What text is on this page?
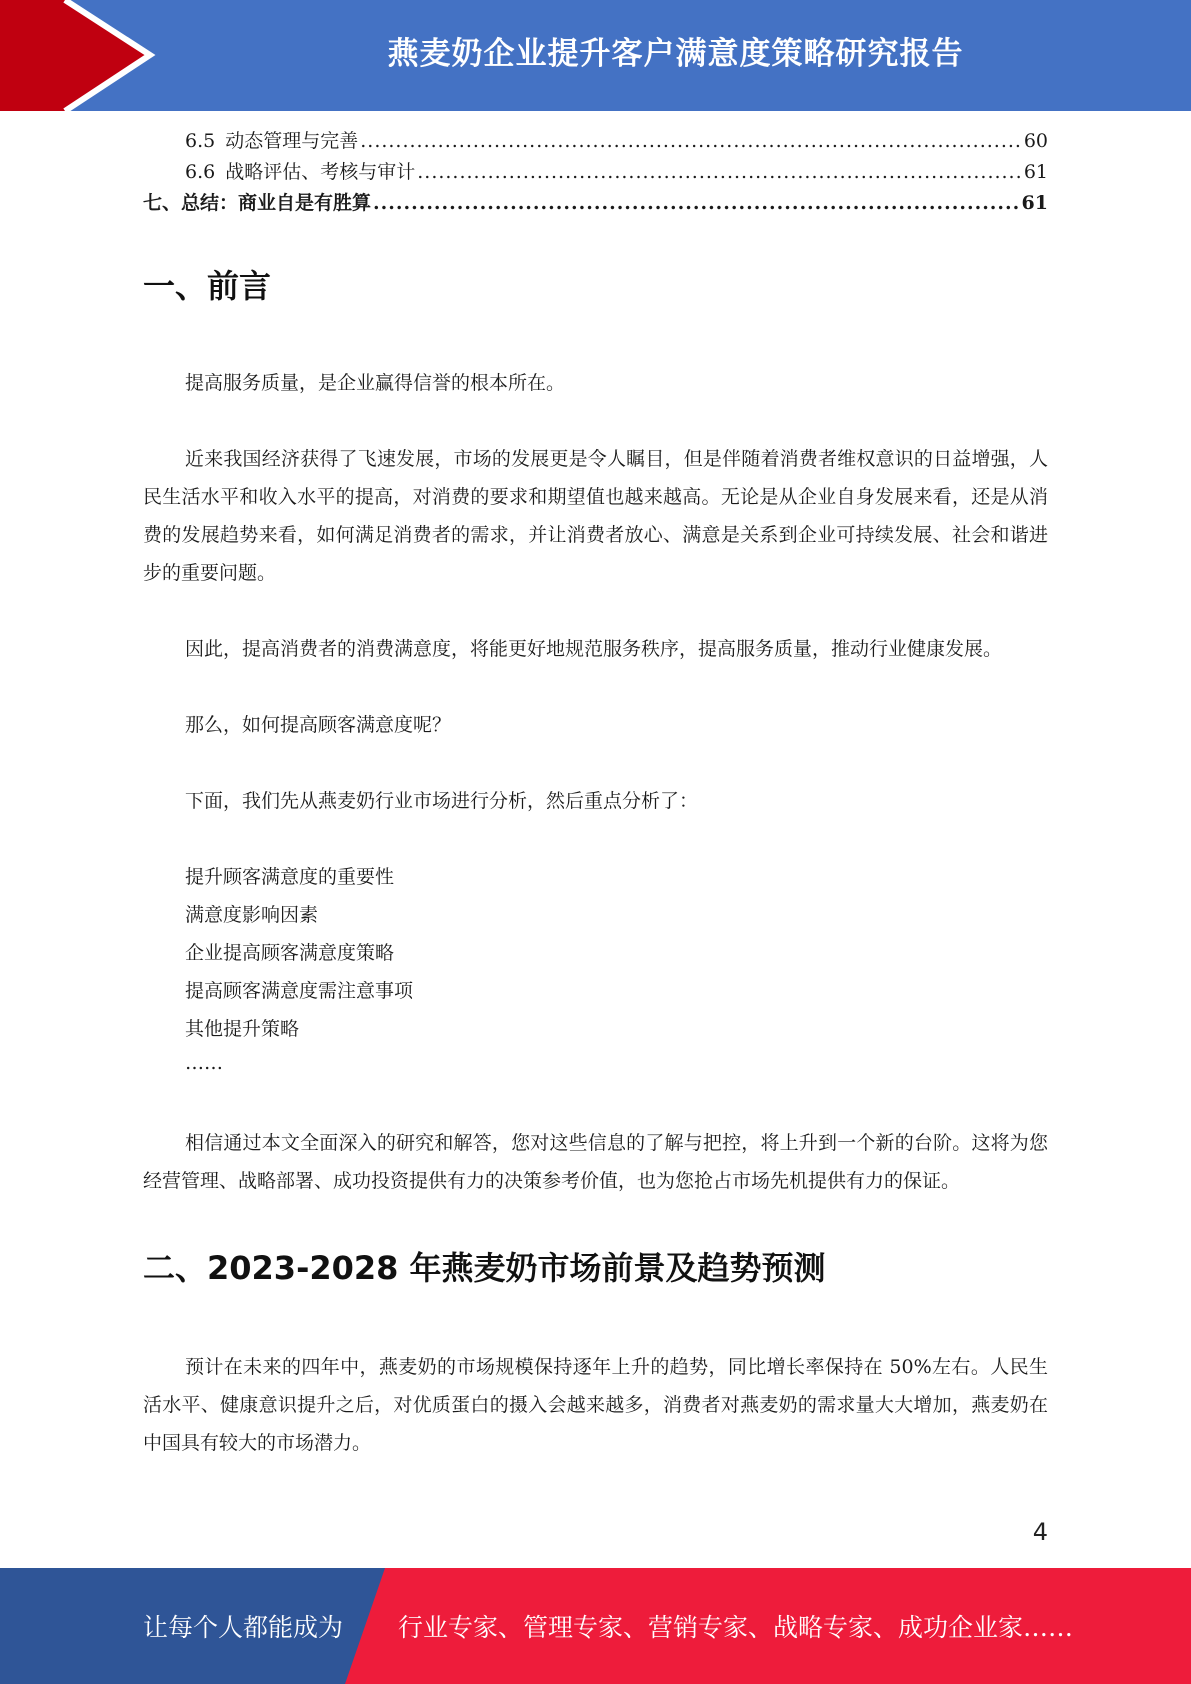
燕麦奶企业提升客户满意度策略研究报告
6.5 动态管理与完善 .....	60
6.6 战略评估、考核与审计 .....	61
七、总结：商业自是有胜算 .....	61
一、前言

提高服务质量，是企业赢得信誉的根本所在。

近来我国经济获得了飞速发展，市场的发展更是令人瞩目，但是伴随着消费者维权意识的日益增强，人民生活水平和收入水平的提高，对消费的要求和期望值也越来越高。无论是从企业自身发展来看，还是从消费的发展趋势来看，如何满足消费者的需求，并让消费者放心、满意是关系到企业可持续发展、社会和谐进步的重要问题。

因此，提高消费者的消费满意度，将能更好地规范服务秩序，提高服务质量，推动行业健康发展。

那么，如何提高顾客满意度呢？

下面，我们先从燕麦奶行业市场进行分析，然后重点分析了：

提升顾客满意度的重要性
满意度影响因素
企业提高顾客满意度策略
提高顾客满意度需注意事项
其他提升策略
……

相信通过本文全面深入的研究和解答，您对这些信息的了解与把控，将上升到一个新的台阶。这将为您经营管理、战略部署、成功投资提供有力的决策参考价值，也为您抢占市场先机提供有力的保证。

二、2023-2028 年燕麦奶市场前景及趋势预测

预计在未来的四年中，燕麦奶的市场规模保持逐年上升的趋势，同比增长率保持在 50%左右。人民生活水平、健康意识提升之后，对优质蛋白的摄入会越来越多，消费者对燕麦奶的需求量大大增加，燕麦奶在中国具有较大的市场潜力。

4
让每个人都能成为 行业专家、管理专家、营销专家、战略专家、成功企业家……
